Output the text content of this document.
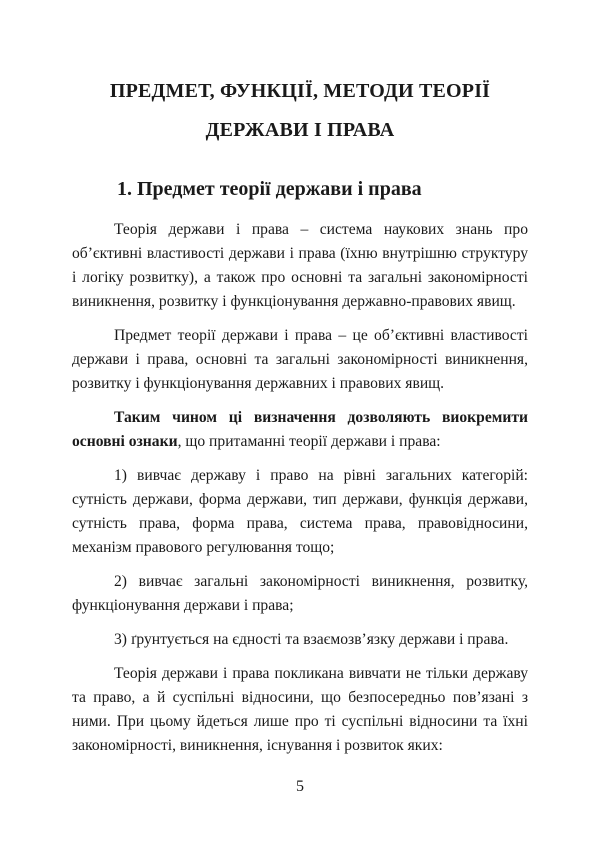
ПРЕДМЕТ, ФУНКЦІЇ, МЕТОДИ ТЕОРІЇ
ДЕРЖАВИ І ПРАВА
1. Предмет теорії держави і права

Теорія держави і права – система наукових знань про об’єктивні властивості держави і права (їхню внутрішню структуру і логіку розвитку), а також про основні та загальні закономірності виникнення, розвитку і функціонування державно-правових явищ.

Предмет теорії держави і права – це об’єктивні властивості держави і права, основні та загальні закономірності виникнення, розвитку і функціонування державних і правових явищ.

Таким чином ці визначення дозволяють виокремити основні ознаки, що притаманні теорії держави і права:

1) вивчає державу і право на рівні загальних категорій: сутність держави, форма держави, тип держави, функція держави, сутність права, форма права, система права, правовідносини, механізм правового регулювання тощо;

2) вивчає загальні закономірності виникнення, розвитку, функціонування держави і права;

3) ґрунтується на єдності та взаємозв’язку держави і права.

Теорія держави і права покликана вивчати не тільки державу та право, а й суспільні відносини, що безпосередньо пов’язані з ними. При цьому йдеться лише про ті суспільні відносини та їхні закономірності, виникнення, існування і розвиток яких:

5
